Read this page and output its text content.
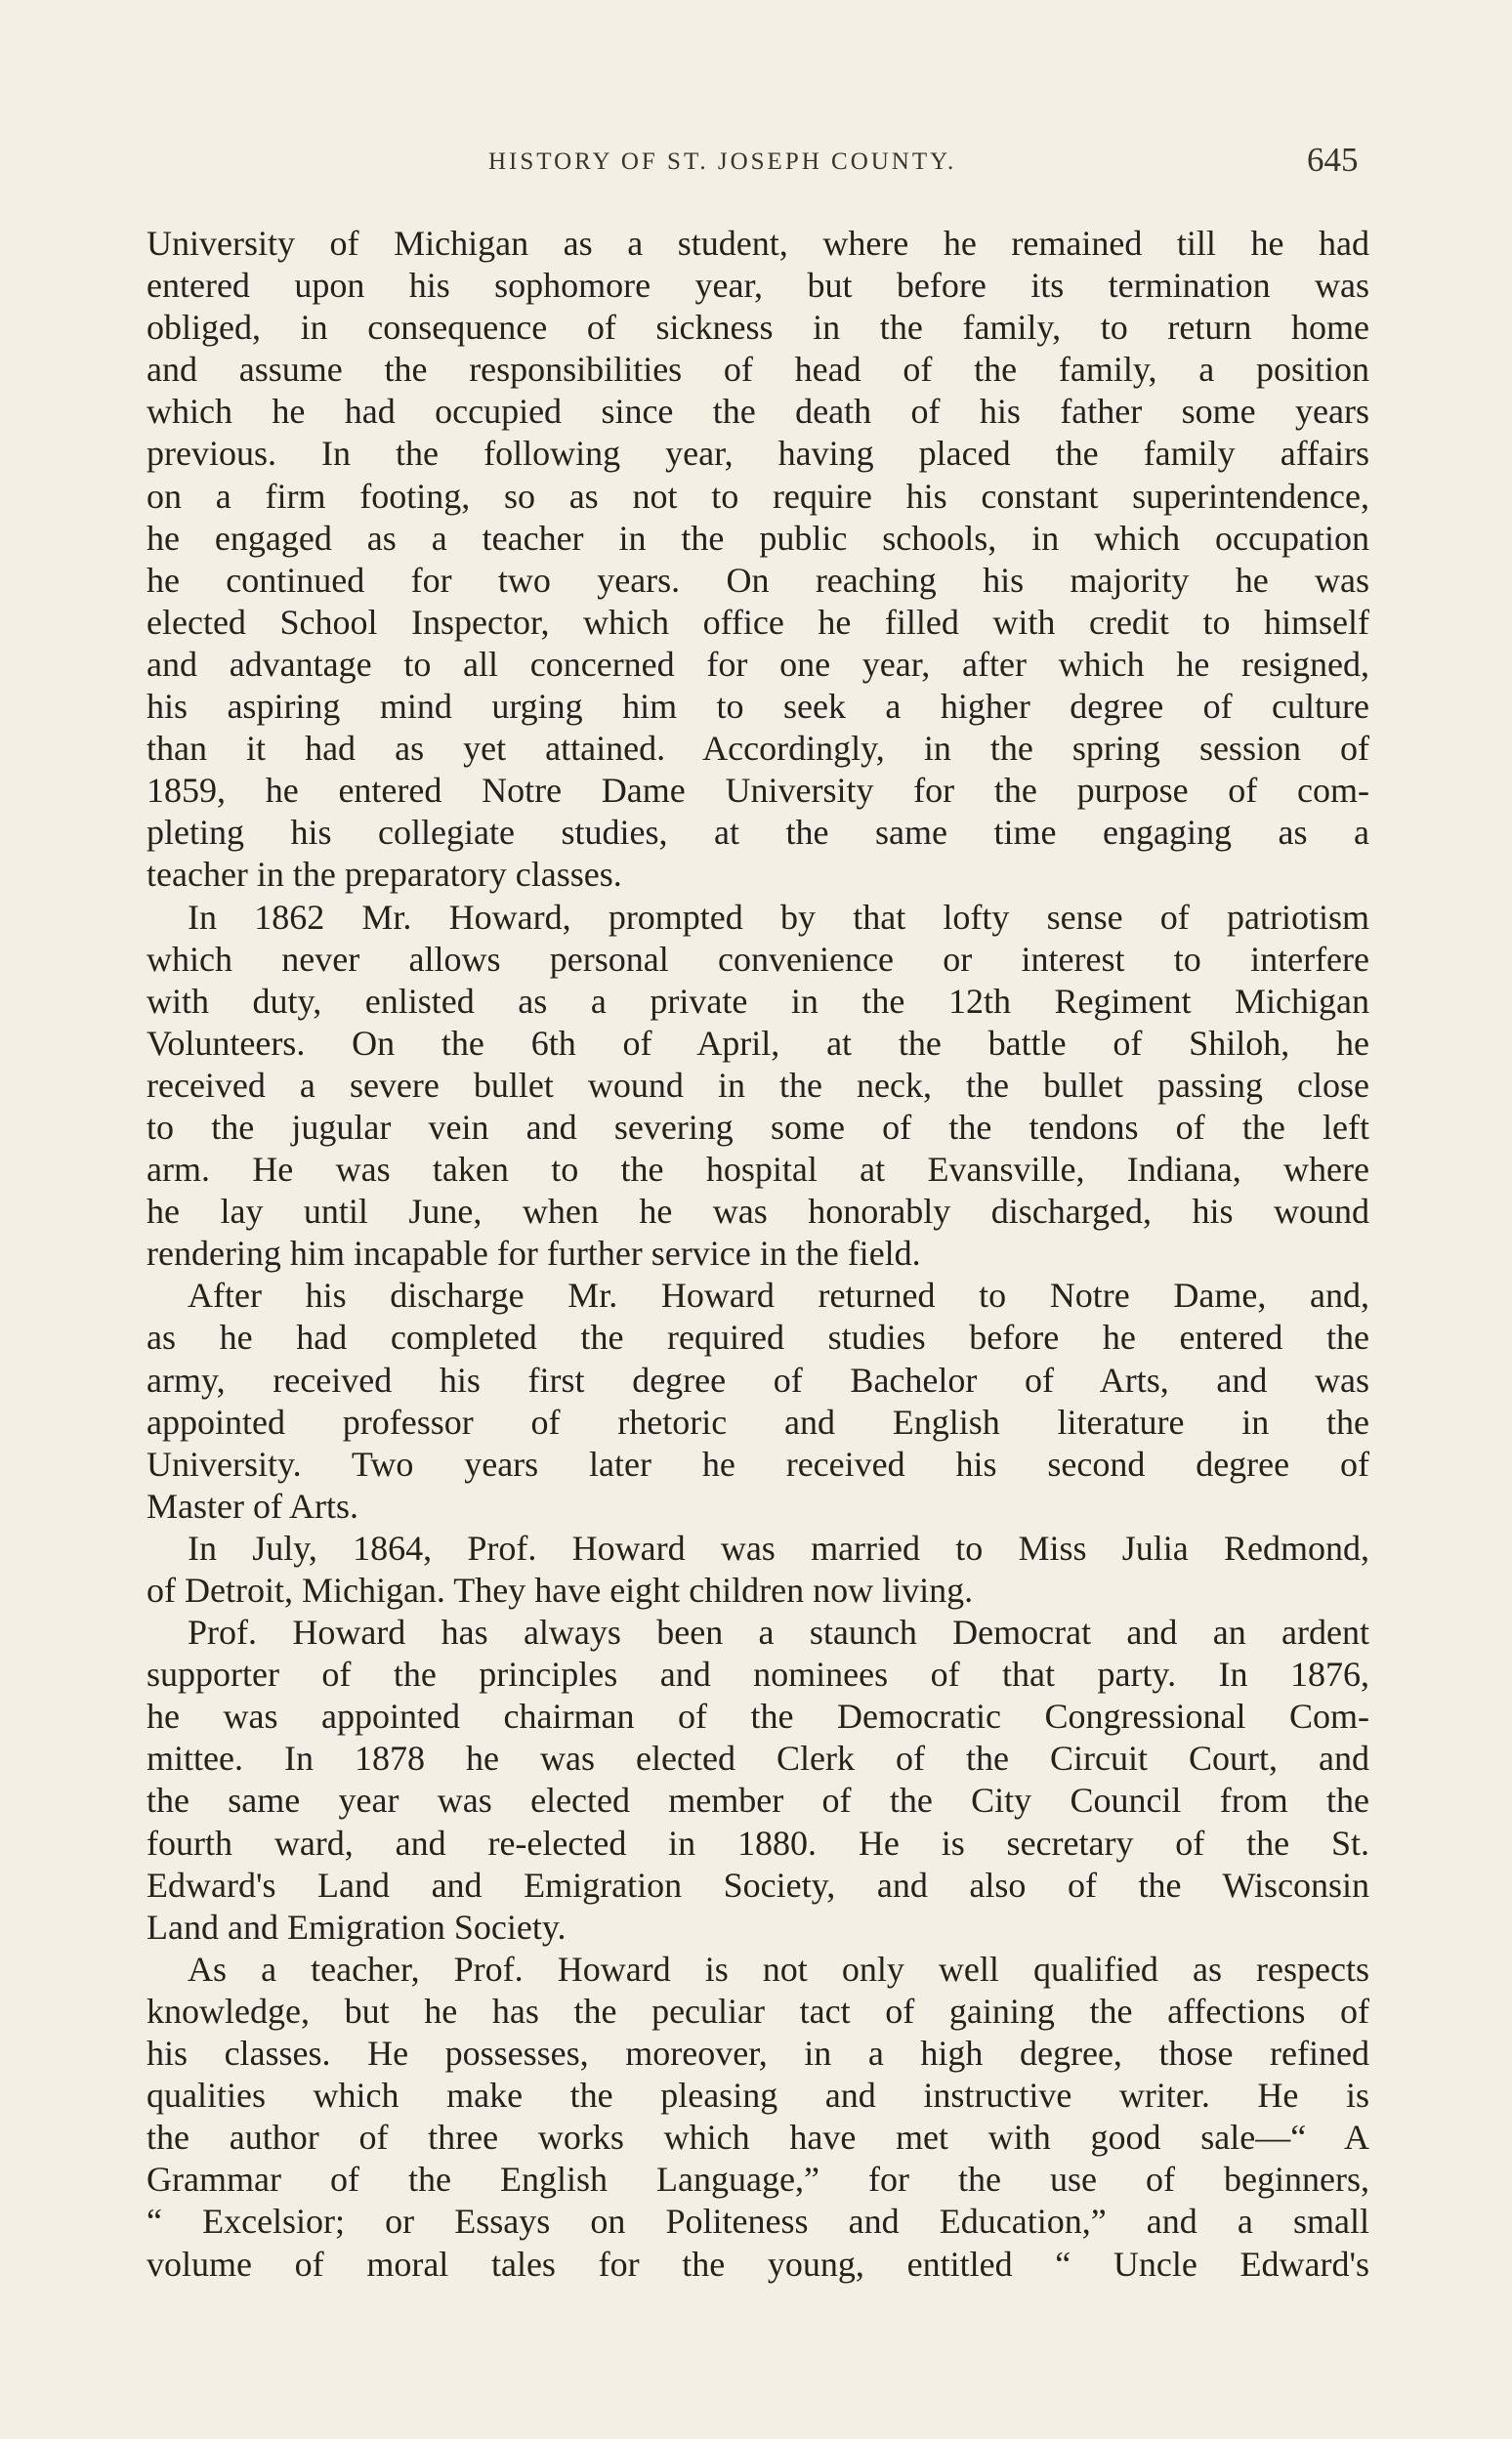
HISTORY OF ST. JOSEPH COUNTY.	645
University of Michigan as a student, where he remained till he had
entered upon his sophomore year, but before its termination was
obliged, in consequence of sickness in the family, to return home
and assume the responsibilities of head of the family, a position
which he had occupied since the death of his father some years
previous. In the following year, having placed the family affairs
on a firm footing, so as not to require his constant superintendence,
he engaged as a teacher in the public schools, in which occupation
he continued for two years. On reaching his majority he was
elected School Inspector, which office he filled with credit to himself
and advantage to all concerned for one year, after which he resigned,
his aspiring mind urging him to seek a higher degree of culture
than it had as yet attained. Accordingly, in the spring session of
1859, he entered Notre Dame University for the purpose of com-
pleting his collegiate studies, at the same time engaging as a
teacher in the preparatory classes.
In 1862 Mr. Howard, prompted by that lofty sense of patriotism
which never allows personal convenience or interest to interfere
with duty, enlisted as a private in the 12th Regiment Michigan
Volunteers. On the 6th of April, at the battle of Shiloh, he
received a severe bullet wound in the neck, the bullet passing close
to the jugular vein and severing some of the tendons of the left
arm. He was taken to the hospital at Evansville, Indiana, where
he lay until June, when he was honorably discharged, his wound
rendering him incapable for further service in the field.
After his discharge Mr. Howard returned to Notre Dame, and,
as he had completed the required studies before he entered the
army, received his first degree of Bachelor of Arts, and was
appointed professor of rhetoric and English literature in the
University. Two years later he received his second degree of
Master of Arts.
In July, 1864, Prof. Howard was married to Miss Julia Redmond,
of Detroit, Michigan. They have eight children now living.
Prof. Howard has always been a staunch Democrat and an ardent
supporter of the principles and nominees of that party. In 1876,
he was appointed chairman of the Democratic Congressional Com-
mittee. In 1878 he was elected Clerk of the Circuit Court, and
the same year was elected member of the City Council from the
fourth ward, and re-elected in 1880. He is secretary of the St.
Edward's Land and Emigration Society, and also of the Wisconsin
Land and Emigration Society.
As a teacher, Prof. Howard is not only well qualified as respects
knowledge, but he has the peculiar tact of gaining the affections of
his classes. He possesses, moreover, in a high degree, those refined
qualities which make the pleasing and instructive writer. He is
the author of three works which have met with good sale—“ A
Grammar of the English Language,” for the use of beginners,
“ Excelsior; or Essays on Politeness and Education,” and a small
volume of moral tales for the young, entitled “ Uncle Edward's
